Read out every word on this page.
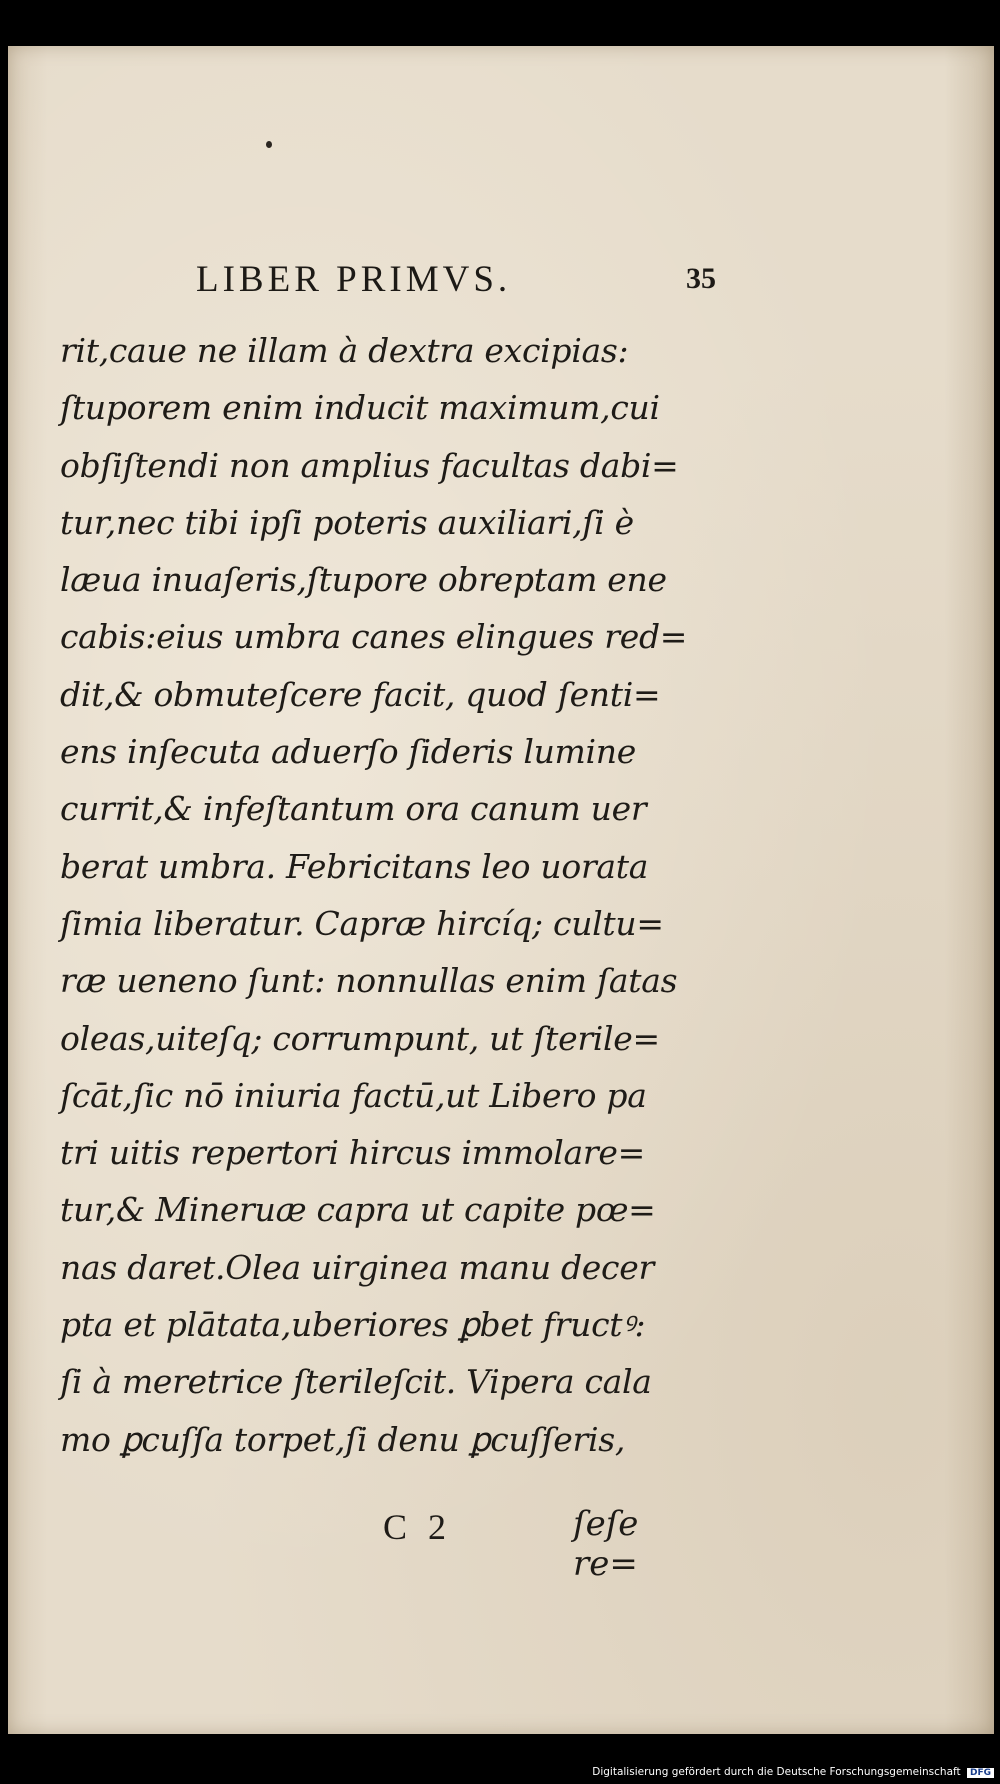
LIBER PRIMVS.	35
rit,caue ne illam à dextra excipias:
ſtuporem enim inducit maximum,cui
obſiſtendi non amplius facultas dabi=
tur,nec tibi ipſi poteris auxiliari,ſi è
læua inuaſeris,ſtupore obreptam ene
cabis:eius umbra canes elingues red=
dit,& obmuteſcere facit, quod ſenti=
ens inſecuta aduerſo ſideris lumine
currit,& infeſtantum ora canum uer
berat umbra. Febricitans leo uorata
ſimia liberatur. Capræ hircíq; cultu=
ræ ueneno ſunt: nonnullas enim ſatas
oleas,uiteſq; corrumpunt, ut ſterile=
ſcāt,ſic nō iniuria factū,ut Libero pa
tri uitis repertori hircus immolare=
tur,& Mineruæ capra ut capite pœ=
nas daret.Olea uirginea manu decer
pta et plātata,uberiores ꝑbet fructꝰ:
ſi à meretrice ſterileſcit. Vipera cala
mo ꝑcuſſa torpet,ſi denu ꝑcuſſeris,
C 2	ſeſe re=
Digitalisierung gefördert durch die Deutsche Forschungsgemeinschaft DFG
